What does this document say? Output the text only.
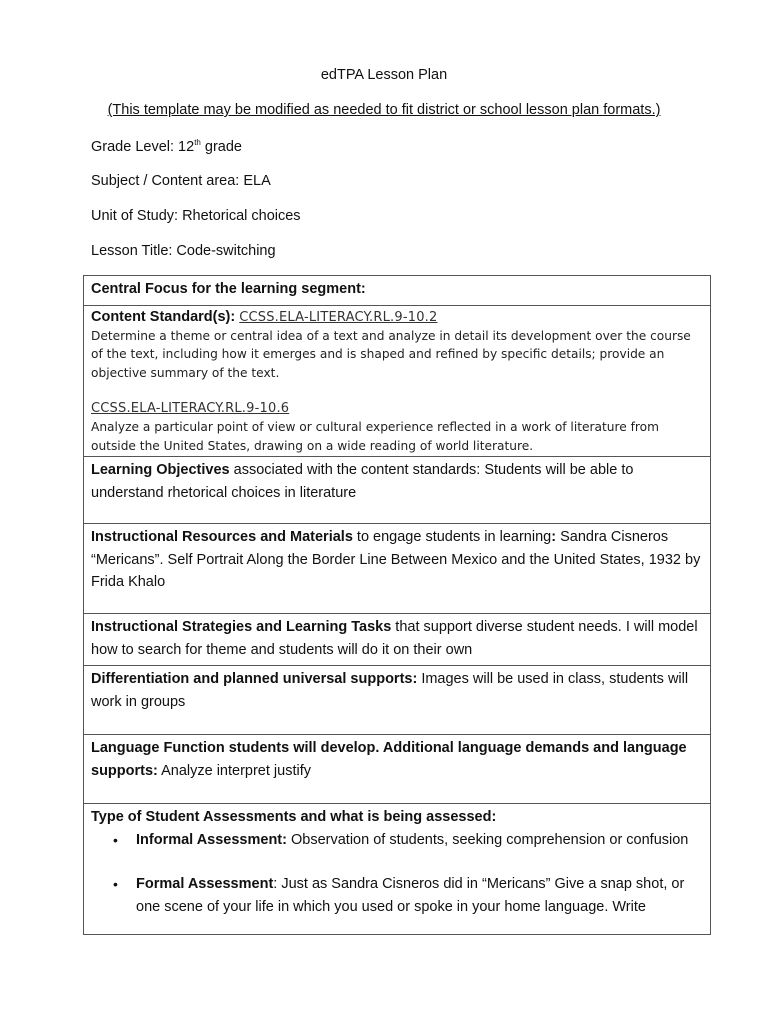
edTPA Lesson Plan
(This template may be modified as needed to fit district or school lesson plan formats.)
Grade Level: 12th grade
Subject / Content area: ELA
Unit of Study: Rhetorical choices
Lesson Title: Code-switching
Central Focus for the learning segment:
Content Standard(s): CCSS.ELA-LITERACY.RL.9-10.2
Determine a theme or central idea of a text and analyze in detail its development over the course of the text, including how it emerges and is shaped and refined by specific details; provide an objective summary of the text.
CCSS.ELA-LITERACY.RL.9-10.6
Analyze a particular point of view or cultural experience reflected in a work of literature from outside the United States, drawing on a wide reading of world literature.

Learning Objectives associated with the content standards: Students will be able to understand rhetorical choices in literature
Instructional Resources and Materials to engage students in learning: Sandra Cisneros “Mericans”. Self Portrait Along the Border Line Between Mexico and the United States, 1932 by Frida Khalo
Instructional Strategies and Learning Tasks that support diverse student needs. I will model how to search for theme and students will do it on their own
Differentiation and planned universal supports: Images will be used in class, students will work in groups
Language Function students will develop. Additional language demands and language supports: Analyze interpret justify

Type of Student Assessments and what is being assessed:
• Informal Assessment: Observation of students, seeking comprehension or confusion
• Formal Assessment: Just as Sandra Cisneros did in “Mericans” Give a snap shot, or one scene of your life in which you used or spoke in your home language. Write
